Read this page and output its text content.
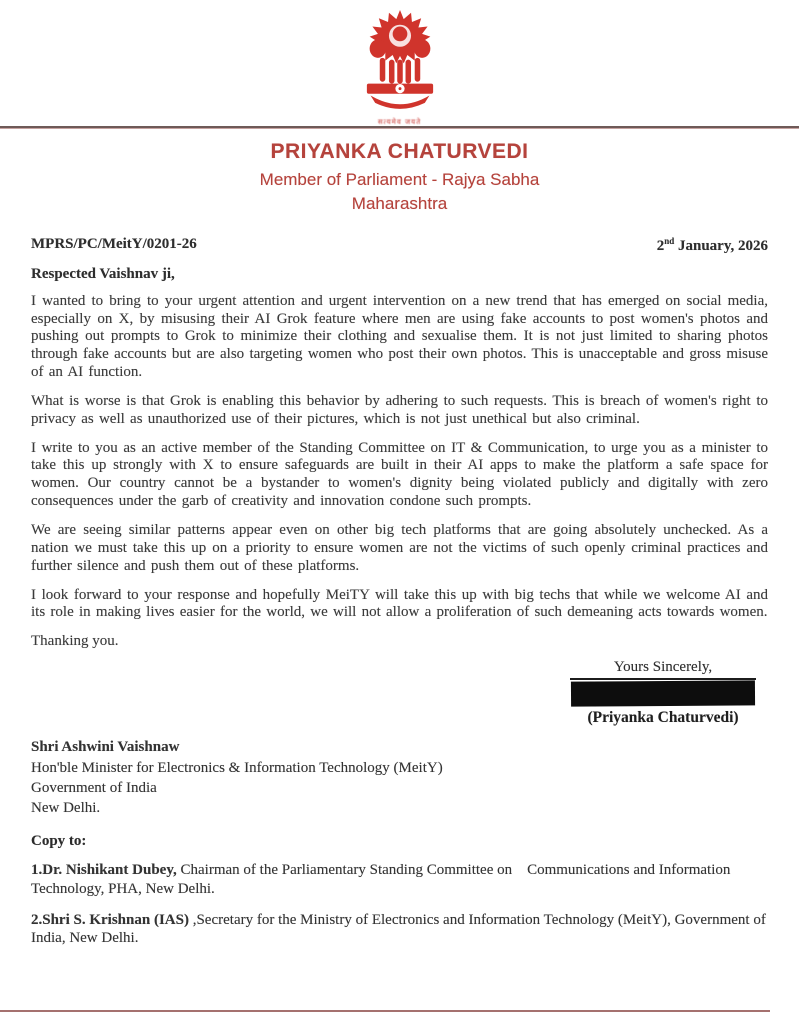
सत्यमेव जयते
PRIYANKA CHATURVEDI
Member of Parliament - Rajya Sabha
Maharashtra
MPRS/PC/MeitY/0201-26	2nd January, 2026
Respected Vaishnav ji,

I wanted to bring to your urgent attention and urgent intervention on a new trend that has emerged on social media, especially on X, by misusing their AI Grok feature where men are using fake accounts to post women's photos and pushing out prompts to Grok to minimize their clothing and sexualise them. It is not just limited to sharing photos through fake accounts but are also targeting women who post their own photos. This is unacceptable and gross misuse of an AI function.

What is worse is that Grok is enabling this behavior by adhering to such requests. This is breach of women's right to privacy as well as unauthorized use of their pictures, which is not just unethical but also criminal.

I write to you as an active member of the Standing Committee on IT & Communication, to urge you as a minister to take this up strongly with X to ensure safeguards are built in their AI apps to make the platform a safe space for women. Our country cannot be a bystander to women's dignity being violated publicly and digitally with zero consequences under the garb of creativity and innovation condone such prompts.

We are seeing similar patterns appear even on other big tech platforms that are going absolutely unchecked. As a nation we must take this up on a priority to ensure women are not the victims of such openly criminal practices and further silence and push them out of these platforms.

I look forward to your response and hopefully MeiTY will take this up with big techs that while we welcome AI and its role in making lives easier for the world, we will not allow a proliferation of such demeaning acts towards women.

Thanking you.
Yours Sincerely,
(Priyanka Chaturvedi)
Shri Ashwini Vaishnaw
Hon'ble Minister for Electronics & Information Technology (MeitY)
Government of India
New Delhi.
Copy to:

1.Dr. Nishikant Dubey, Chairman of the Parliamentary Standing Committee on    Communications and Information Technology, PHA, New Delhi.

2.Shri S. Krishnan (IAS) ,Secretary for the Ministry of Electronics and Information Technology (MeitY), Government of India, New Delhi.
